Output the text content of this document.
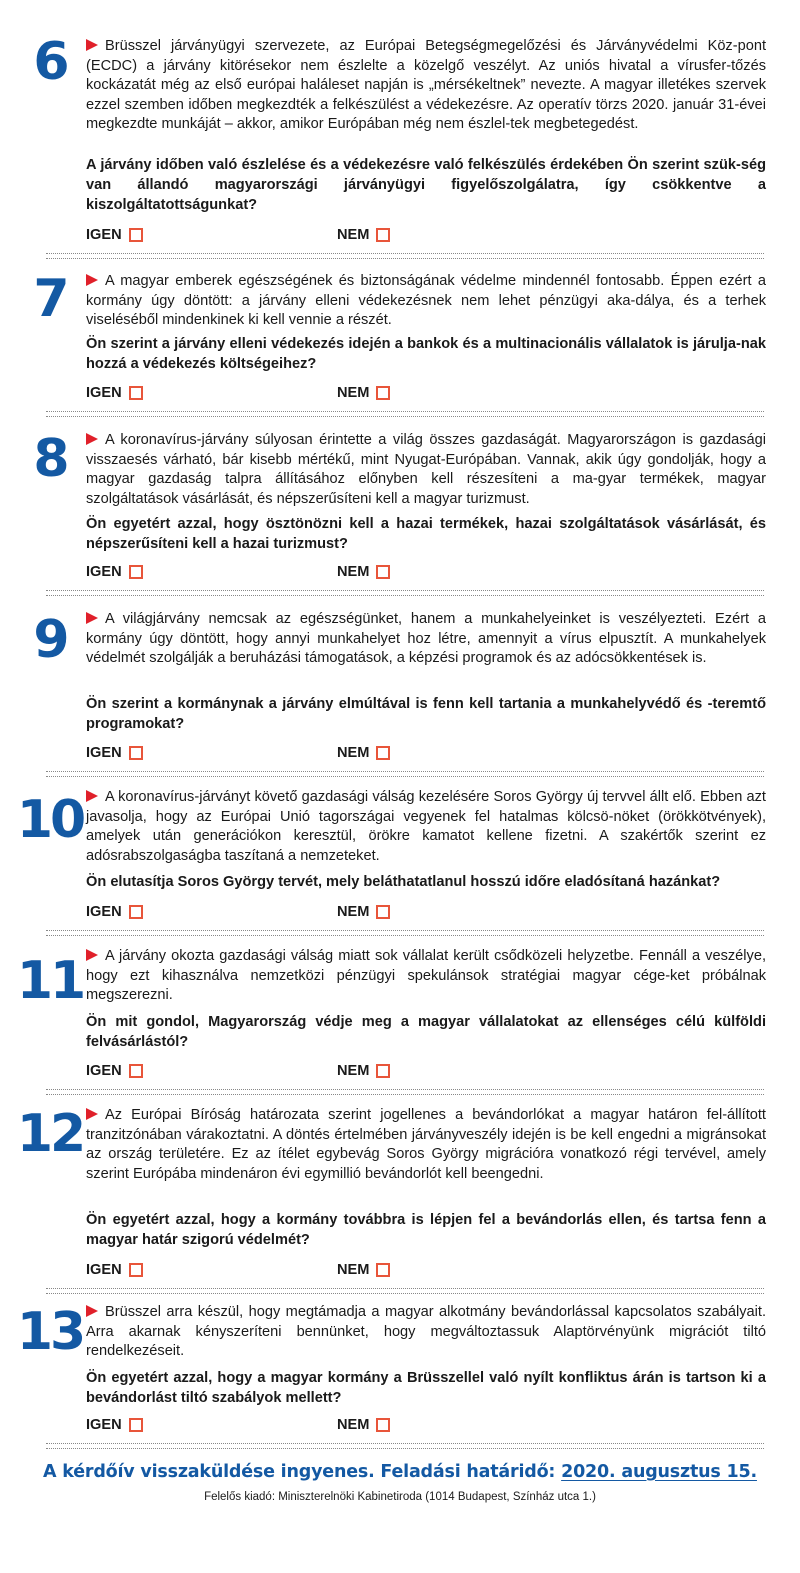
6	Brüsszel járványügyi szervezete, az Európai Betegségmegelőzési és Járványvédelmi Köz-pont (ECDC) a járvány kitörésekor nem észlelte a közelgő veszélyt. Az uniós hivatal a vírusfer-tőzés kockázatát még az első európai haláleset napján is „mérsékeltnek” nevezte. A magyar illetékes szervek ezzel szemben időben megkezdték a felkészülést a védekezésre. Az operatív törzs 2020. január 31-évei megkezdte munkáját – akkor, amikor Európában még nem észlel-tek megbetegedést.

A járvány időben való észlelése és a védekezésre való felkészülés érdekében Ön szerint szük-ség van állandó magyarországi járványügyi figyelőszolgálatra, így csökkentve a kiszolgáltatottságunkat?

IGEN	NEM
7	A magyar emberek egészségének és biztonságának védelme mindennél fontosabb. Éppen ezért a kormány úgy döntött: a járvány elleni védekezésnek nem lehet pénzügyi aka-dálya, és a terhek viseléséből mindenkinek ki kell vennie a részét.

Ön szerint a járvány elleni védekezés idején a bankok és a multinacionális vállalatok is járulja-nak hozzá a védekezés költségeihez?

IGEN	NEM
8	A koronavírus-járvány súlyosan érintette a világ összes gazdaságát. Magyarországon is gazdasági visszaesés várható, bár kisebb mértékű, mint Nyugat-Európában. Vannak, akik úgy gondolják, hogy a magyar gazdaság talpra állításához előnyben kell részesíteni a ma-gyar termékek, magyar szolgáltatások vásárlását, és népszerűsíteni kell a magyar turizmust.

Ön egyetért azzal, hogy ösztönözni kell a hazai termékek, hazai szolgáltatások vásárlását, és népszerűsíteni kell a hazai turizmust?

IGEN	NEM
9	A világjárvány nemcsak az egészségünket, hanem a munkahelyeinket is veszélyezteti. Ezért a kormány úgy döntött, hogy annyi munkahelyet hoz létre, amennyit a vírus elpusztít. A munkahelyek védelmét szolgálják a beruházási támogatások, a képzési programok és az adócsökkentések is.

Ön szerint a kormánynak a járvány elmúltával is fenn kell tartania a munkahelyvédő és -teremtő programokat?

IGEN	NEM
10	A koronavírus-járványt követő gazdasági válság kezelésére Soros György új tervvel állt elő. Ebben azt javasolja, hogy az Európai Unió tagországai vegyenek fel hatalmas kölcsö-nöket (örökkötvények), amelyek után generációkon keresztül, örökre kamatot kellene fizetni. A szakértők szerint ez adósrabszolgaságba taszítaná a nemzeteket.

Ön elutasítja Soros György tervét, mely beláthatatlanul hosszú időre eladósítaná hazánkat?

IGEN	NEM
11	A járvány okozta gazdasági válság miatt sok vállalat került csődközeli helyzetbe. Fennáll a veszélye, hogy ezt kihasználva nemzetközi pénzügyi spekulánsok stratégiai magyar cége-ket próbálnak megszerezni.

Ön mit gondol, Magyarország védje meg a magyar vállalatokat az ellenséges célú külföldi felvásárlástól?

IGEN	NEM
12	Az Európai Bíróság határozata szerint jogellenes a bevándorlókat a magyar határon fel-állított tranzitzónában várakoztatni. A döntés értelmében járványveszély idején is be kell engedni a migránsokat az ország területére. Ez az ítélet egybevág Soros György migrációra vonatkozó régi tervével, amely szerint Európába mindenáron évi egymillió bevándorlót kell beengedni.

Ön egyetért azzal, hogy a kormány továbbra is lépjen fel a bevándorlás ellen, és tartsa fenn a magyar határ szigorú védelmét?

IGEN	NEM
13	Brüsszel arra készül, hogy megtámadja a magyar alkotmány bevándorlással kapcsolatos szabályait. Arra akarnak kényszeríteni bennünket, hogy megváltoztassuk Alaptörvényünk migrációt tiltó rendelkezéseit.

Ön egyetért azzal, hogy a magyar kormány a Brüsszellel való nyílt konfliktus árán is tartson ki a bevándorlást tiltó szabályok mellett?

IGEN	NEM
A kérdőív visszaküldése ingyenes. Feladási határidő: 2020. augusztus 15.
Felelős kiadó: Miniszterelnöki Kabinetiroda (1014 Budapest, Színház utca 1.)
